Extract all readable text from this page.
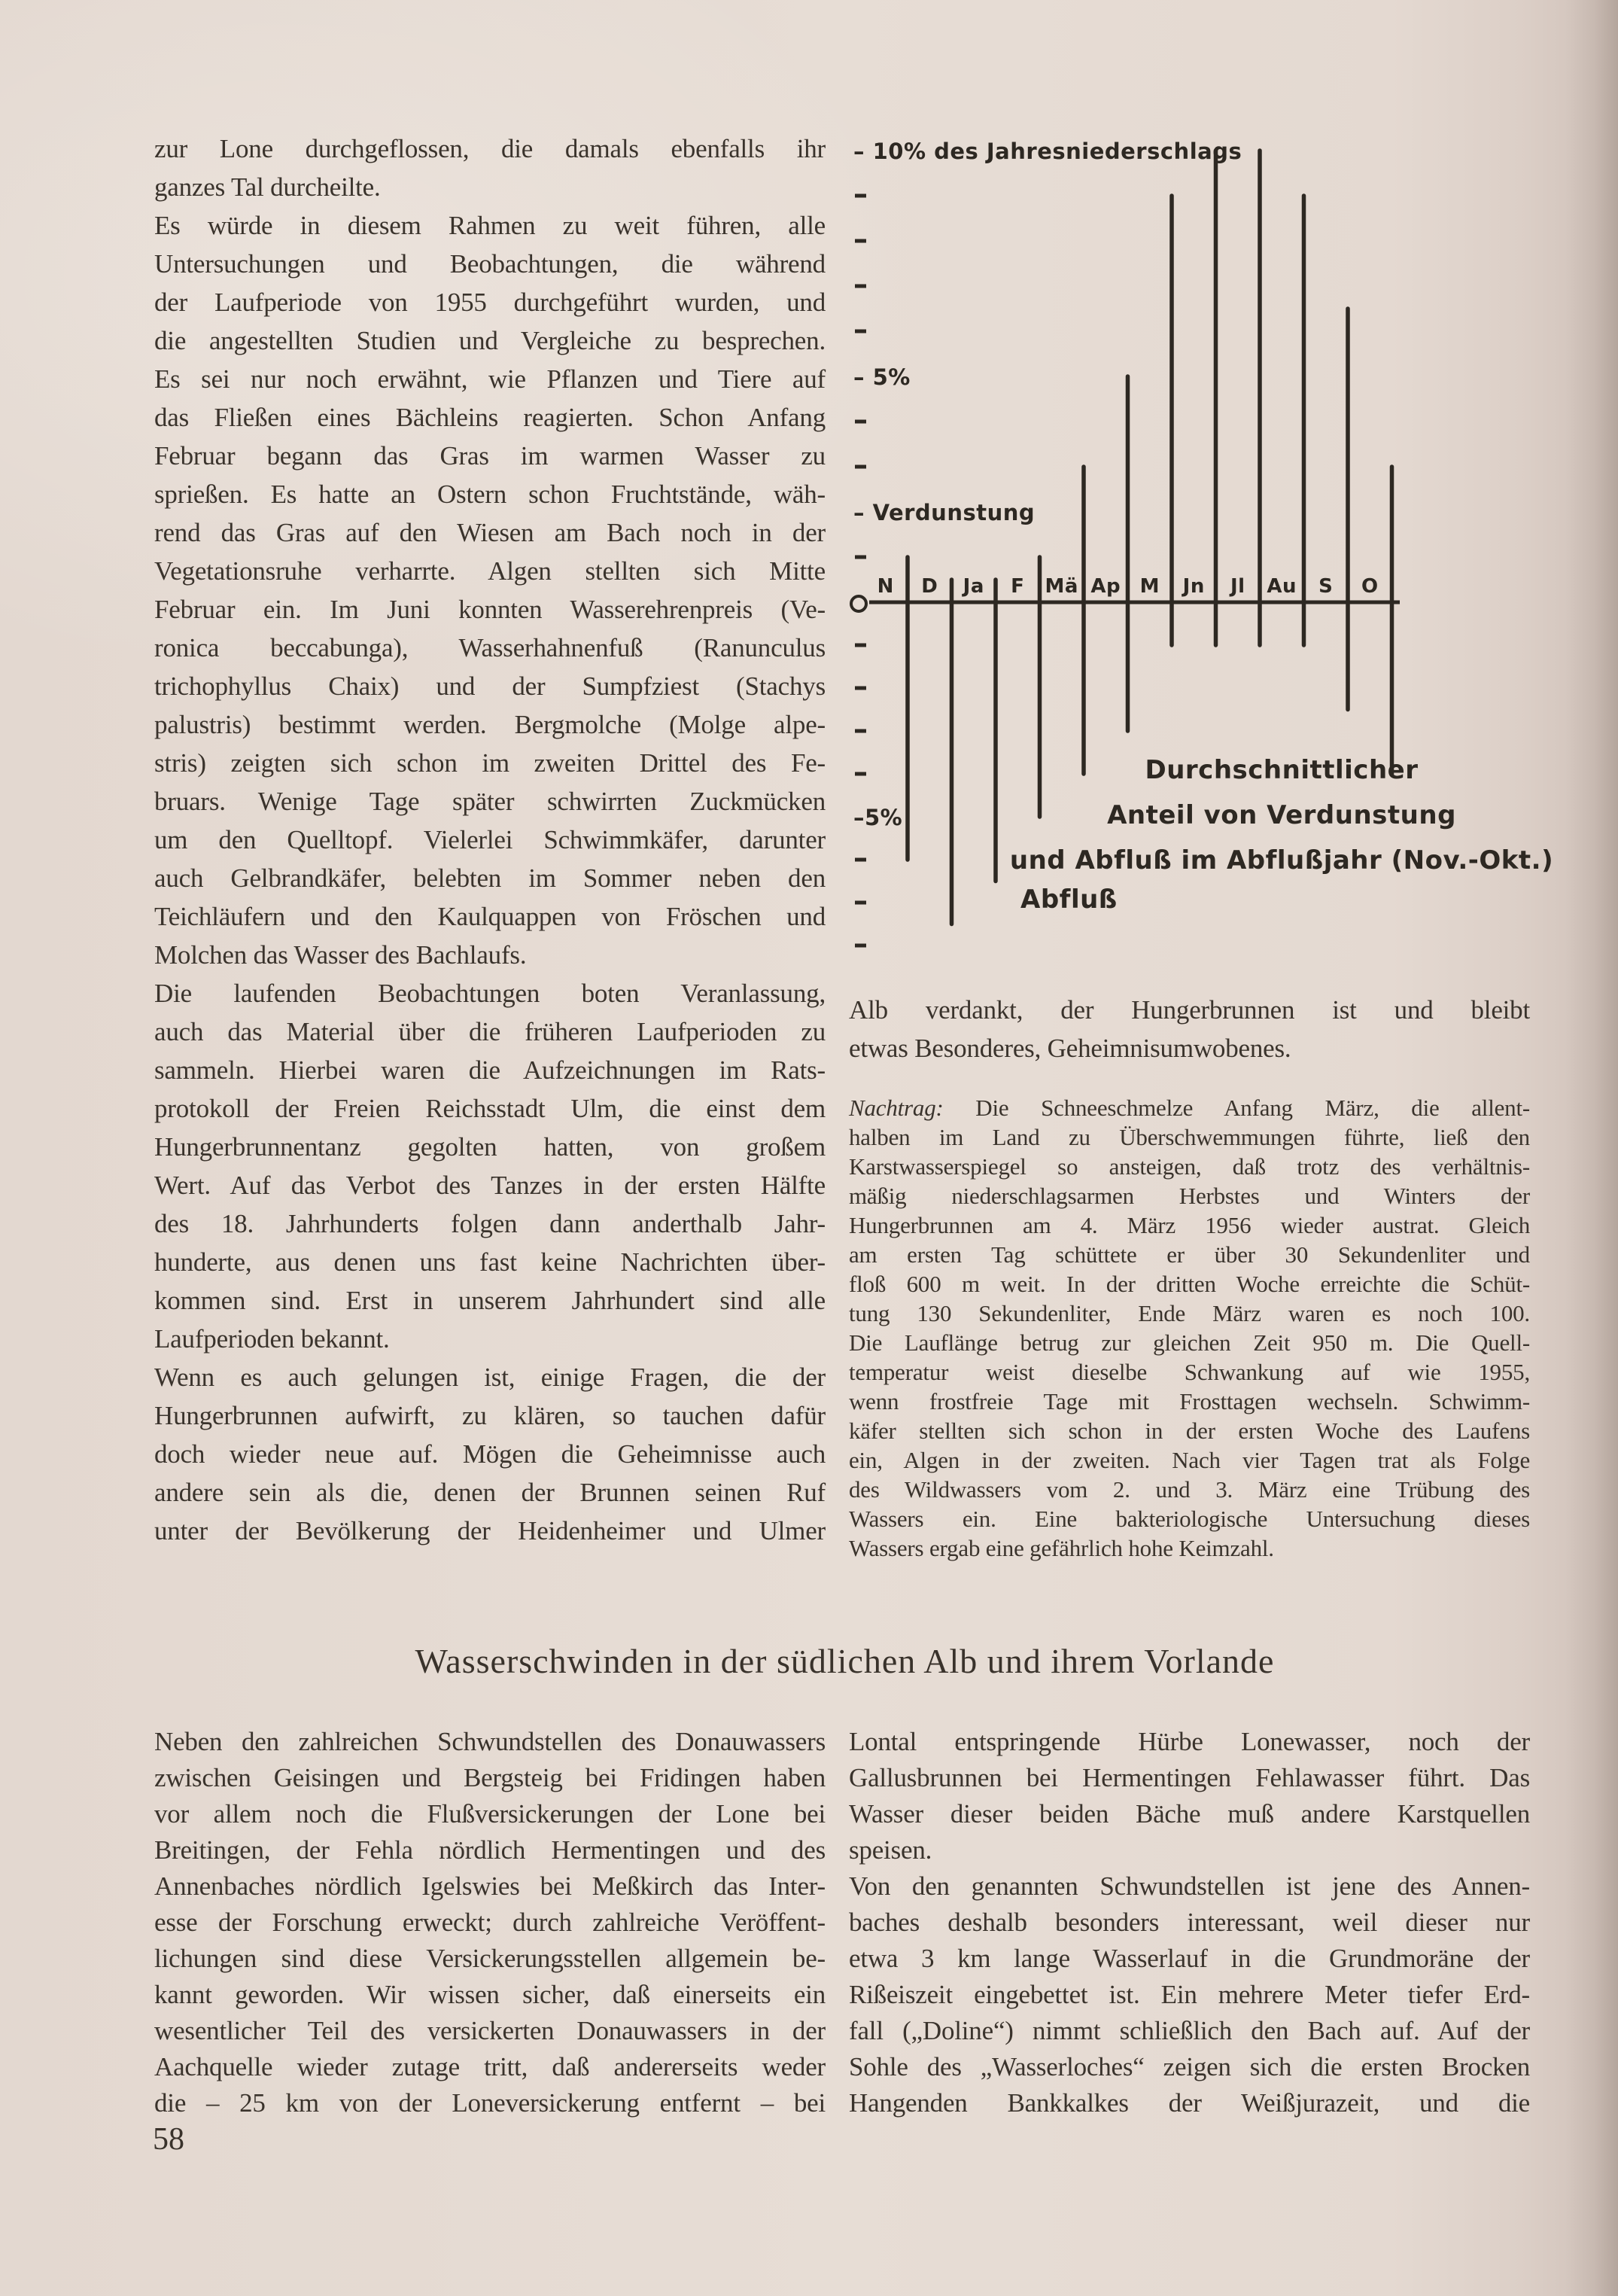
zur Lone durchgeflossen, die damals ebenfalls ihr
ganzes Tal durcheilte.
Es würde in diesem Rahmen zu weit führen, alle
Untersuchungen und Beobachtungen, die während
der Laufperiode von 1955 durchgeführt wurden, und
die angestellten Studien und Vergleiche zu besprechen.
Es sei nur noch erwähnt, wie Pflanzen und Tiere auf
das Fließen eines Bächleins reagierten. Schon Anfang
Februar begann das Gras im warmen Wasser zu
sprießen. Es hatte an Ostern schon Fruchtstände, wäh-
rend das Gras auf den Wiesen am Bach noch in der
Vegetationsruhe verharrte. Algen stellten sich Mitte
Februar ein. Im Juni konnten Wasserehrenpreis (Ve-
ronica beccabunga), Wasserhahnenfuß (Ranunculus
trichophyllus Chaix) und der Sumpfziest (Stachys
palustris) bestimmt werden. Bergmolche (Molge alpe-
stris) zeigten sich schon im zweiten Drittel des Fe-
bruars. Wenige Tage später schwirrten Zuckmücken
um den Quelltopf. Vielerlei Schwimmkäfer, darunter
auch Gelbrandkäfer, belebten im Sommer neben den
Teichläufern und den Kaulquappen von Fröschen und
Molchen das Wasser des Bachlaufs.
Die laufenden Beobachtungen boten Veranlassung,
auch das Material über die früheren Laufperioden zu
sammeln. Hierbei waren die Aufzeichnungen im Rats-
protokoll der Freien Reichsstadt Ulm, die einst dem
Hungerbrunnentanz gegolten hatten, von großem
Wert. Auf das Verbot des Tanzes in der ersten Hälfte
des 18. Jahrhunderts folgen dann anderthalb Jahr-
hunderte, aus denen uns fast keine Nachrichten über-
kommen sind. Erst in unserem Jahrhundert sind alle
Laufperioden bekannt.
Wenn es auch gelungen ist, einige Fragen, die der
Hungerbrunnen aufwirft, zu klären, so tauchen dafür
doch wieder neue auf. Mögen die Geheimnisse auch
andere sein als die, denen der Brunnen seinen Ruf
unter der Bevölkerung der Heidenheimer und Ulmer
– 10% des Jahresniederschlags
– 5%
– Verdunstung
–5%
N D Ja F Mä Ap M Jn Jl Au S O
Durchschnittlicher
Anteil von Verdunstung
und Abfluß im Abflußjahr (Nov.-Okt.)
Abfluß
Alb verdankt, der Hungerbrunnen ist und bleibt
etwas Besonderes, Geheimnisumwobenes.
Nachtrag: Die Schneeschmelze Anfang März, die allent-
halben im Land zu Überschwemmungen führte, ließ den
Karstwasserspiegel so ansteigen, daß trotz des verhältnis-
mäßig niederschlagsarmen Herbstes und Winters der
Hungerbrunnen am 4. März 1956 wieder austrat. Gleich
am ersten Tag schüttete er über 30 Sekundenliter und
floß 600 m weit. In der dritten Woche erreichte die Schüt-
tung 130 Sekundenliter, Ende März waren es noch 100.
Die Lauflänge betrug zur gleichen Zeit 950 m. Die Quell-
temperatur weist dieselbe Schwankung auf wie 1955,
wenn frostfreie Tage mit Frosttagen wechseln. Schwimm-
käfer stellten sich schon in der ersten Woche des Laufens
ein, Algen in der zweiten. Nach vier Tagen trat als Folge
des Wildwassers vom 2. und 3. März eine Trübung des
Wassers ein. Eine bakteriologische Untersuchung dieses
Wassers ergab eine gefährlich hohe Keimzahl.
Wasserschwinden in der südlichen Alb und ihrem Vorlande
Neben den zahlreichen Schwundstellen des Donauwassers
zwischen Geisingen und Bergsteig bei Fridingen haben
vor allem noch die Flußversickerungen der Lone bei
Breitingen, der Fehla nördlich Hermentingen und des
Annenbaches nördlich Igelswies bei Meßkirch das Inter-
esse der Forschung erweckt; durch zahlreiche Veröffent-
lichungen sind diese Versickerungsstellen allgemein be-
kannt geworden. Wir wissen sicher, daß einerseits ein
wesentlicher Teil des versickerten Donauwassers in der
Aachquelle wieder zutage tritt, daß andererseits weder
die – 25 km von der Loneversickerung entfernt – bei
Lontal entspringende Hürbe Lonewasser, noch der
Gallusbrunnen bei Hermentingen Fehlawasser führt. Das
Wasser dieser beiden Bäche muß andere Karstquellen
speisen.
Von den genannten Schwundstellen ist jene des Annen-
baches deshalb besonders interessant, weil dieser nur
etwa 3 km lange Wasserlauf in die Grundmoräne der
Rißeiszeit eingebettet ist. Ein mehrere Meter tiefer Erd-
fall („Doline“) nimmt schließlich den Bach auf. Auf der
Sohle des „Wasserloches“ zeigen sich die ersten Brocken
Hangenden Bankkalkes der Weißjurazeit, und die
58
